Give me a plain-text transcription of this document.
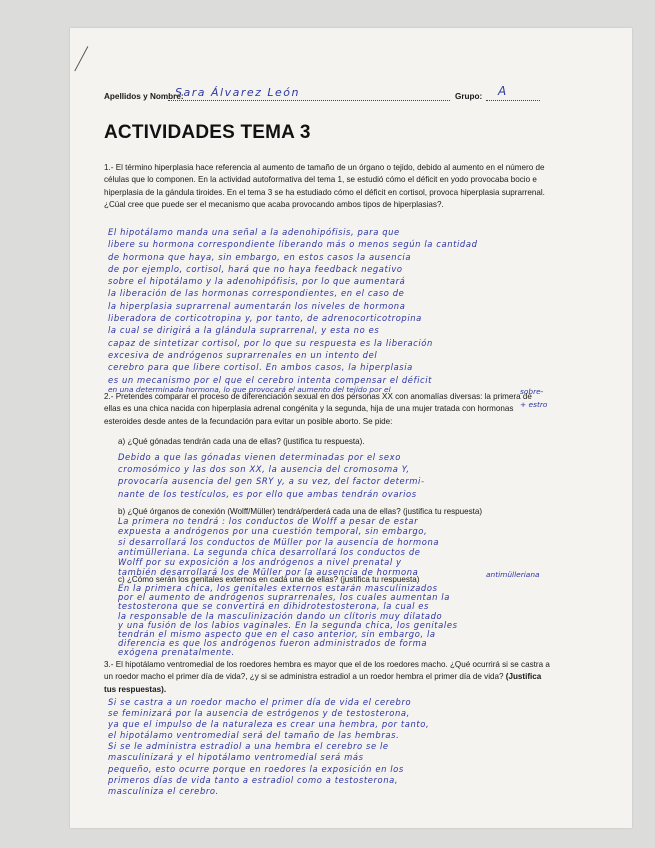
Apellidos y Nombre:
Sara Álvarez León	Grupo: A
ACTIVIDADES TEMA 3
1.- El término hiperplasia hace referencia al aumento de tamaño de un órgano o tejido, debido al aumento en el número de células que lo componen. En la actividad autoformativa del tema 1, se estudió cómo el déficit en yodo provocaba bocio e hiperplasia de la gándula tiroides. En el tema 3 se ha estudiado cómo el déficit en cortisol, provoca hiperplasia suprarrenal. ¿Cúal cree que puede ser el mecanismo que acaba provocando ambos tipos de hiperplasias?.
El hipotálamo manda una señal a la adenohipófisis, para que
libere su hormona correspondiente liberando más o menos según la cantidad
de hormona que haya, sin embargo, en estos casos la ausencia
de por ejemplo, cortisol, hará que no haya feedback negativo
sobre el hipotálamo y la adenohipófisis, por lo que aumentará
la liberación de las hormonas correspondientes, en el caso de
la hiperplasia suprarrenal aumentarán los niveles de hormona
liberadora de corticotropina y, por tanto, de adrenocorticotropina
la cual se dirigirá a la glándula suprarrenal, y esta no es
capaz de sintetizar cortisol, por lo que su respuesta es la liberación
excesiva de andrógenos suprarrenales en un intento del
cerebro para que libere cortisol. En ambos casos, la hiperplasia
es un mecanismo por el que el cerebro intenta compensar el déficit
en una determinada hormona, lo que provocará el aumento del tejido por el
2.- Pretendes comparar el proceso de diferenciación sexual en dos personas XX con anomalías diversas: la primera de ellas es una chica nacida con hiperplasia adrenal congénita y la segunda, hija de una mujer tratada con hormonas esteroides desde antes de la fecundación para evitar un posible aborto. Se pide:
sobre-
+ estro
a) ¿Qué gónadas tendrán cada una de ellas? (justifica tu respuesta).
Debido a que las gónadas vienen determinadas por el sexo
cromosómico y las dos son XX, la ausencia del cromosoma Y,
provocaría ausencia del gen SRY y, a su vez, del factor determi-
nante de los testículos, es por ello que ambas tendrán ovarios
b) ¿Qué órganos de conexión (Wolff/Müller) tendrá/perderá cada una de ellas? (justifica tu respuesta)
La primera no tendrá : los conductos de Wolff a pesar de estar
expuesta a andrógenos por una cuestión temporal, sin embargo,
si desarrollará los conductos de Müller por la ausencia de hormona
antimülleriana. La segunda chica desarrollará los conductos de
Wolff por su exposición a los andrógenos a nivel prenatal y
también desarrollará los de Müller por la ausencia de hormona	antimülleriana
c) ¿Cómo serán los genitales externos en cada una de ellas? (justifica tu respuesta)
En la primera chica, los genitales externos estarán masculinizados
por el aumento de andrógenos suprarrenales, los cuales aumentan la
testosterona que se convertirá en dihidrotestosterona, la cual es
la responsable de la masculinización dando un clítoris muy dilatado
y una fusión de los labios vaginales. En la segunda chica, los genitales
tendrán el mismo aspecto que en el caso anterior, sin embargo, la
diferencia es que los andrógenos fueron administrados de forma
exógena prenatalmente.
3.- El hipotálamo ventromedial de los roedores hembra es mayor que el de los roedores macho. ¿Qué ocurrirá si se castra a un roedor macho el primer día de vida?, ¿y si se administra estradiol a un roedor hembra el primer día de vida? (Justifica tus respuestas).
Si se castra a un roedor macho el primer día de vida el cerebro
se feminizará por la ausencia de estrógenos y de testosterona,
ya que el impulso de la naturaleza es crear una hembra, por tanto,
el hipotálamo ventromedial será del tamaño de las hembras.
Si se le administra estradiol a una hembra el cerebro se le
masculinizará y el hipotálamo ventromedial será más
pequeño, esto ocurre porque en roedores la exposición en los
primeros días de vida tanto a estradiol como a testosterona,
masculiniza el cerebro.
